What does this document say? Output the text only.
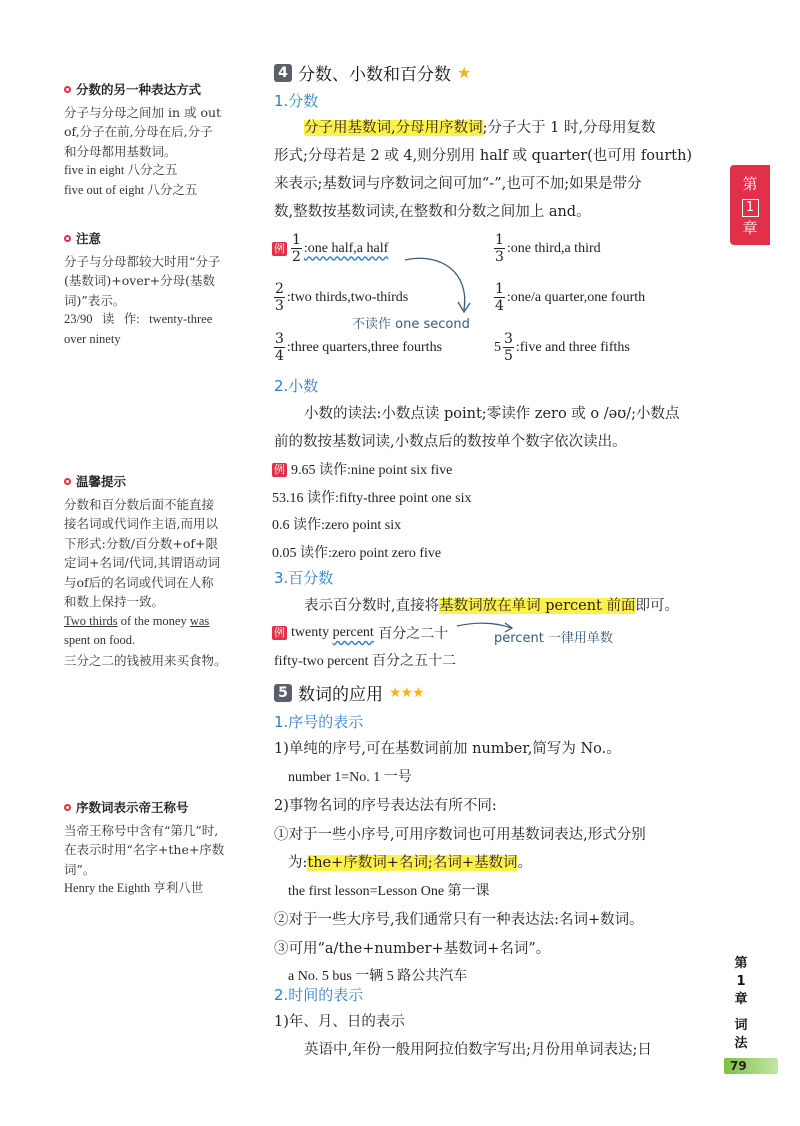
分数的另一种表达方式

分子与分母之间加 in 或 out

of,分子在前,分母在后,分子

和分母都用基数词。

five in eight 八分之五

five out of eight 八分之五

注意

分子与分母都较大时用“分子

(基数词)+over+分母(基数

词)”表示。

23/90   读   作:   twenty-three

over ninety

温馨提示

分数和百分数后面不能直接

接名词或代词作主语,而用以

下形式:分数/百分数+of+限

定词+名词/代词,其谓语动词

与of后的名词或代词在人称

和数上保持一致。

Two thirds of the money was

spent on food.

三分之二的钱被用来买食物。

序数词表示帝王称号

当帝王称号中含有“第几”时,

在表示时用“名字+the+序数

词”。

Henry the Eighth 亨利八世

4 分数、小数和百分数 ★
1.分数
分子用基数词,分母用序数词;分子大于 1 时,分母用复数
形式;分母若是 2 或 4,则分别用 half 或 quarter(也可用 fourth)
来表示;基数词与序数词之间可加“-”,也可不加;如果是带分
数,整数按基数词读,在整数和分数之间加上 and。
例 $\frac{1}{2}$ :one half,a half	$\frac{1}{3}$ :one third,a third
$\frac{2}{3}$ :two thirds,two-thirds	$\frac{1}{4}$ :one/a quarter,one fourth
不读作 one second
$\frac{3}{4}$ :three quarters,three fourths	$5 \frac{3}{5}$ :five and three fifths
2.小数
小数的读法:小数点读 point;零读作 zero 或 o /əʊ/;小数点
前的数按基数词读,小数点后的数按单个数字依次读出。
例 9.65 读作:nine point six five
53.16 读作:fifty-three point one six
0.6 读作:zero point six
0.05 读作:zero point zero five
3.百分数
表示百分数时,直接将基数词放在单词 percent 前面即可。
例 twenty percent 百分之二十	percent 一律用单数
fifty-two percent 百分之五十二
5 数词的应用 ★★★
1.序号的表示
1)单纯的序号,可在基数词前加 number,简写为 No.。
number 1=No. 1 一号
2)事物名词的序号表达法有所不同:
①对于一些小序号,可用序数词也可用基数词表达,形式分别
为:the+序数词+名词;名词+基数词。
the first lesson=Lesson One 第一课
②对于一些大序号,我们通常只有一种表达法:名词+数词。
③可用“a/the+number+基数词+名词”。
a No. 5 bus 一辆 5 路公共汽车
2.时间的表示
1)年、月、日的表示
英语中,年份一般用阿拉伯数字写出;月份用单词表达;日
第
1
章
第
1
章
词
法
79
